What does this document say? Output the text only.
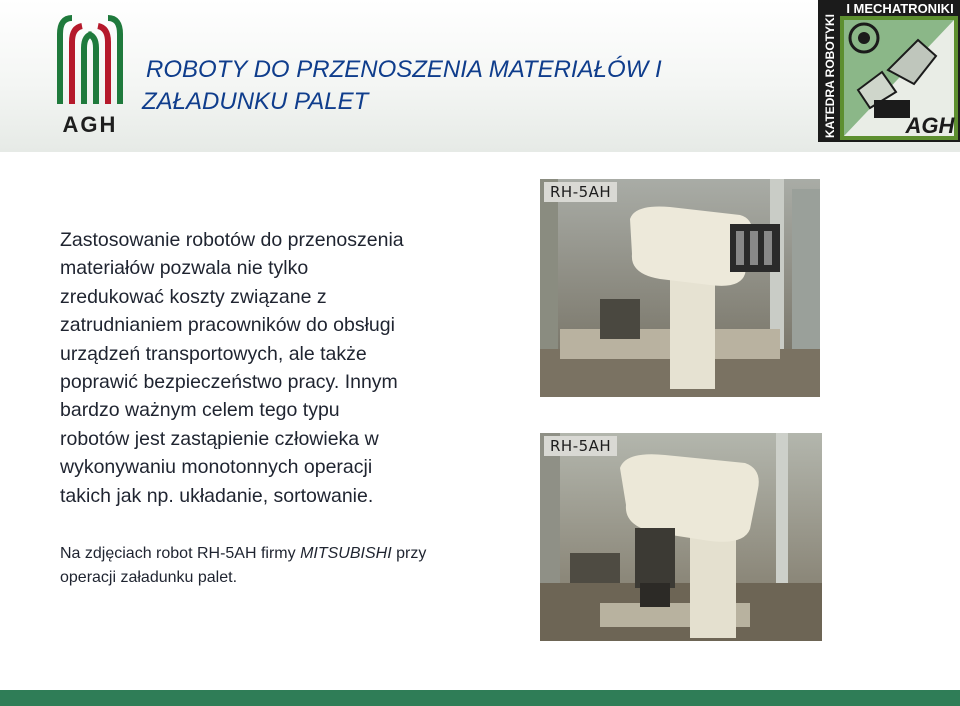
AGH
ROBOTY DO PRZENOSZENIA MATERIAŁÓW I
ZAŁADUNKU PALET
I MECHATRONIKI
KATEDRA ROBOTYKI	AGH
Zastosowanie robotów do przenoszenia
materiałów pozwala nie tylko
zredukować koszty związane z
zatrudnianiem pracowników do obsługi
urządzeń transportowych, ale także
poprawić bezpieczeństwo pracy. Innym
bardzo ważnym celem tego typu
robotów jest zastąpienie człowieka w
wykonywaniu monotonnych operacji
takich jak np. układanie, sortowanie.
Na zdjęciach robot RH-5AH firmy MITSUBISHI przy
operacji załadunku palet.
RH-5AH
RH-5AH
